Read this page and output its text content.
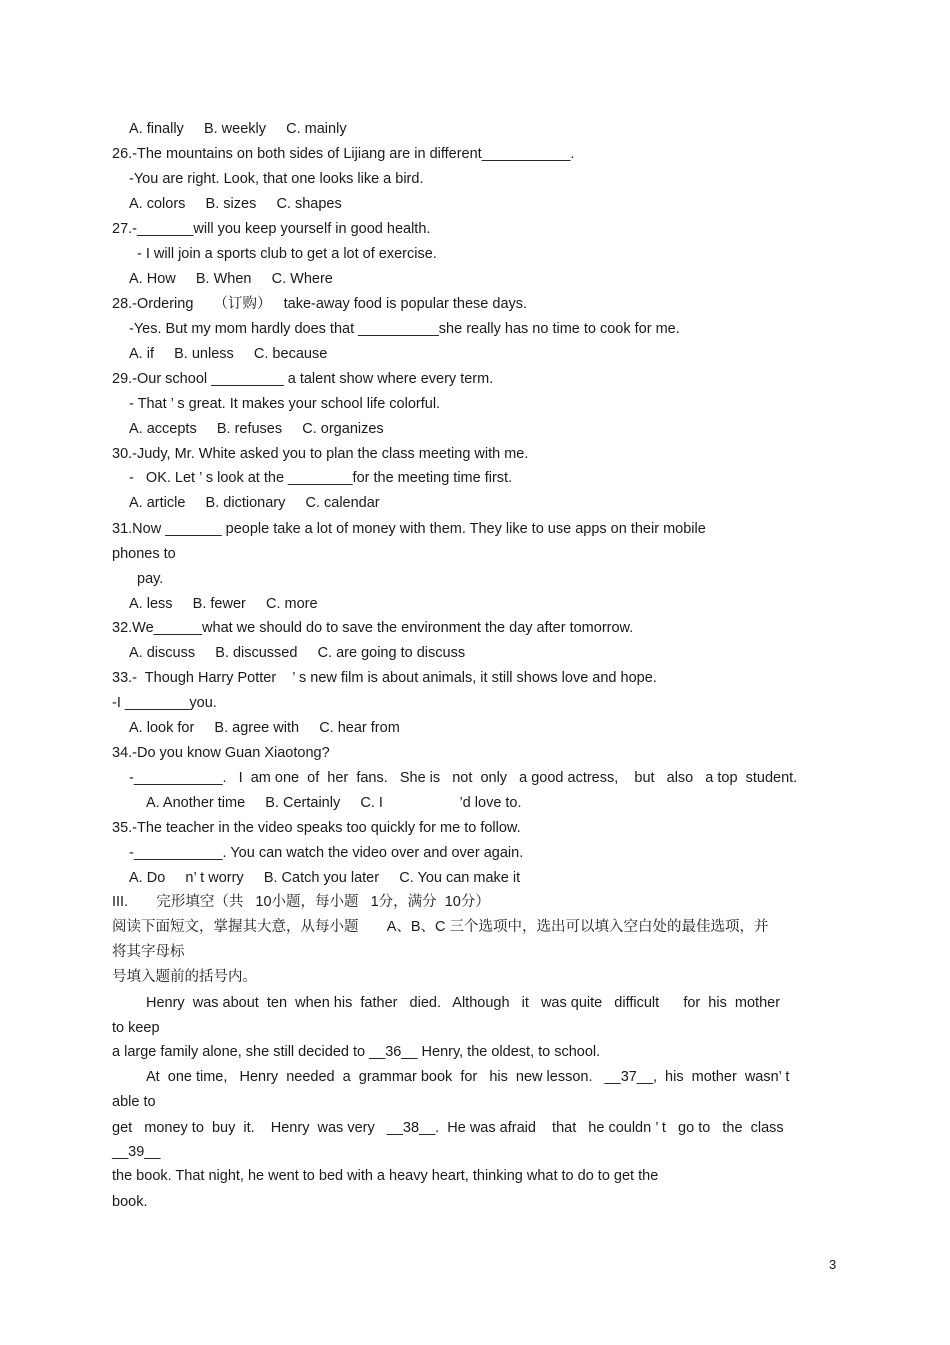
A. finally     B. weekly     C. mainly
26.-The mountains on both sides of Lijiang are in different___________.
-You are right. Look, that one looks like a bird.
A. colors     B. sizes     C. shapes
27.-_______will you keep yourself in good health.
- I will join a sports club to get a lot of exercise.
A. How     B. When     C. Where
28.-Ordering     （订购）   take-away food is popular these days.
-Yes. But my mom hardly does that __________she really has no time to cook for me.
A. if     B. unless     C. because
29.-Our school _________ a talent show where every term.
- That ’ s great. It makes your school life colorful.
A. accepts     B. refuses     C. organizes
30.-Judy, Mr. White asked you to plan the class meeting with me.
-   OK. Let ’ s look at the ________for the meeting time first.
A. article     B. dictionary     C. calendar
31.Now _______ people take a lot of money with them. They like to use apps on their mobile
phones to
pay.
A. less     B. fewer     C. more
32.We______what we should do to save the environment the day after tomorrow.
A. discuss     B. discussed     C. are going to discuss
33.-  Though Harry Potter    ’ s new film is about animals, it still shows love and hope.
-I ________you.
A. look for     B. agree with     C. hear from
34.-Do you know Guan Xiaotong?
-___________.   I  am one  of  her  fans.   She is   not  only   a good actress,    but   also   a top  student.
A. Another time     B. Certainly     C. I                   ’d love to.
35.-The teacher in the video speaks too quickly for me to follow.
-___________. You can watch the video over and over again.
A. Do     n’ t worry     B. Catch you later     C. You can make it
III.       完形填空（共   10小题，每小题   1分，满分  10分）
阅读下面短文，掌握其大意，从每小题       A、B、C 三个选项中，选出可以填入空白处的最佳选项，并
将其字母标
号填入题前的括号内。
Henry  was about  ten  when his  father   died.   Although   it   was quite   difficult      for  his  mother
to keep
a large family alone, she still decided to __36__ Henry, the oldest, to school.
At  one time,   Henry  needed  a  grammar book  for   his  new lesson.   __37__,  his  mother  wasn’ t
able to
get   money to  buy  it.    Henry  was very   __38__.  He was afraid    that   he couldn ’ t   go to   the  class
__39__
the book. That night, he went to bed with a heavy heart, thinking what to do to get the
book.
3
